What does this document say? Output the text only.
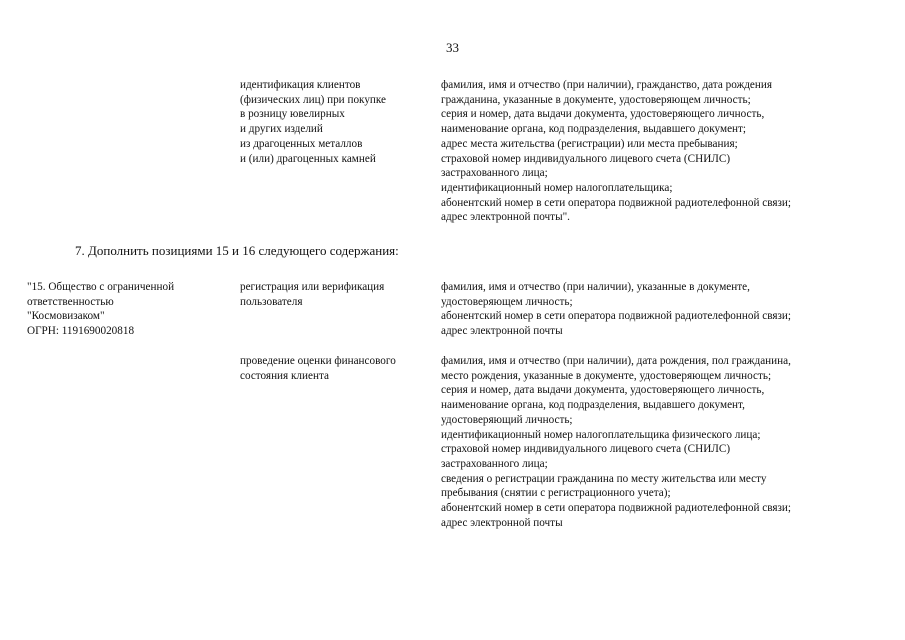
33
идентификация клиентов
(физических лиц) при покупке
в розницу ювелирных
и других изделий
из драгоценных металлов
и (или) драгоценных камней
фамилия, имя и отчество (при наличии), гражданство, дата рождения
гражданина, указанные в документе, удостоверяющем личность;
серия и номер, дата выдачи документа, удостоверяющего личность,
наименование органа, код подразделения, выдавшего документ;
адрес места жительства (регистрации) или места пребывания;
страховой номер индивидуального лицевого счета (СНИЛС)
застрахованного лица;
идентификационный номер налогоплательщика;
абонентский номер в сети оператора подвижной радиотелефонной связи;
адрес электронной почты".
7. Дополнить позициями 15 и 16 следующего содержания:
"15. Общество с ограниченной
ответственностью
"Космовизаком"
ОГРН: 1191690020818
регистрация или верификация
пользователя
фамилия, имя и отчество (при наличии), указанные в документе,
удостоверяющем личность;
абонентский номер в сети оператора подвижной радиотелефонной связи;
адрес электронной почты
проведение оценки финансового
состояния клиента
фамилия, имя и отчество (при наличии), дата рождения, пол гражданина,
место рождения, указанные в документе, удостоверяющем личность;
серия и номер, дата выдачи документа, удостоверяющего личность,
наименование органа, код подразделения, выдавшего документ,
удостоверяющий личность;
идентификационный номер налогоплательщика физического лица;
страховой номер индивидуального лицевого счета (СНИЛС)
застрахованного лица;
сведения о регистрации гражданина по месту жительства или месту
пребывания (снятии с регистрационного учета);
абонентский номер в сети оператора подвижной радиотелефонной связи;
адрес электронной почты
